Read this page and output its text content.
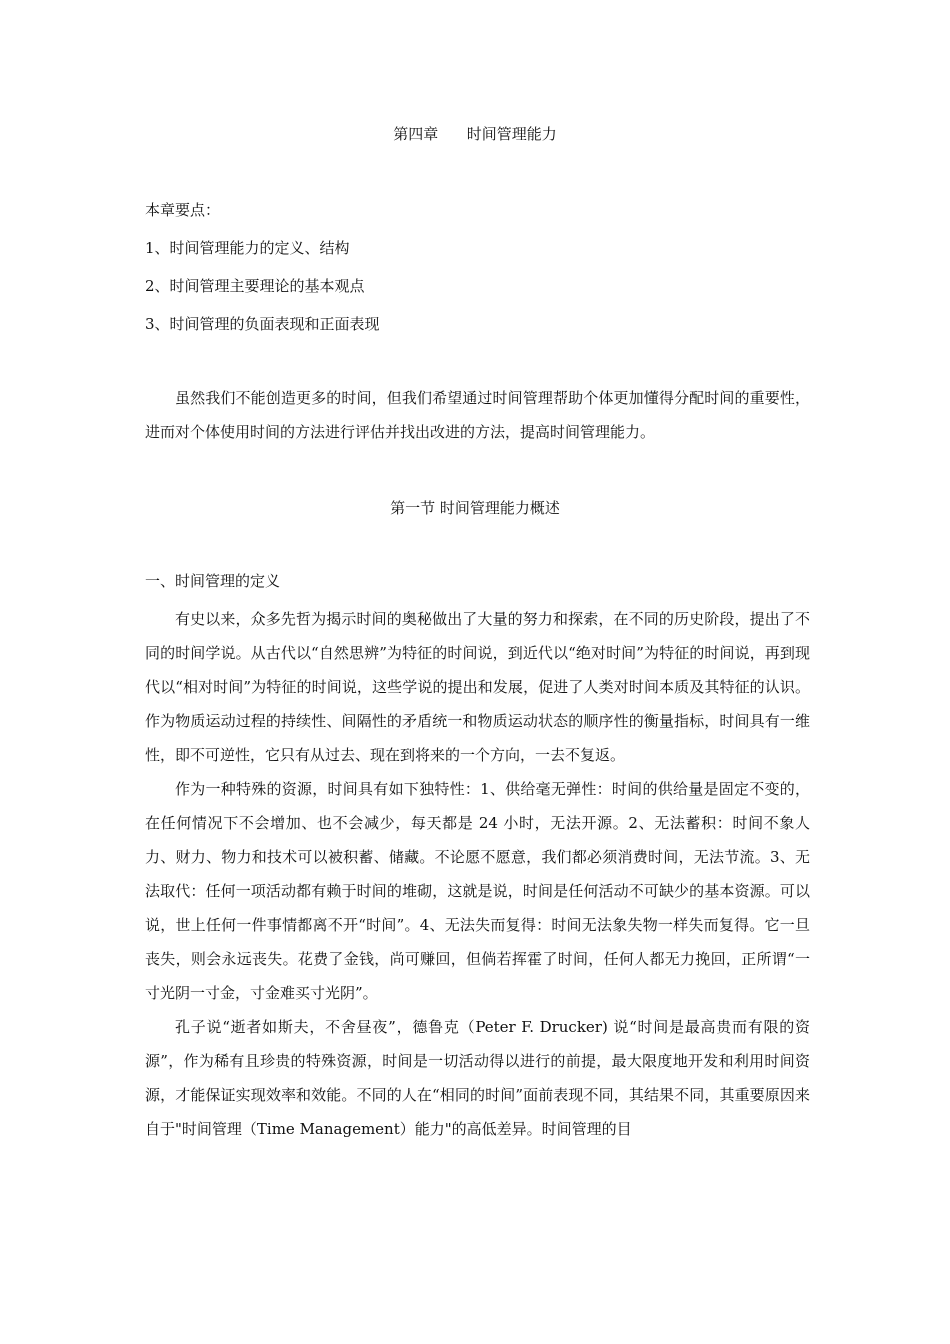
第四章      时间管理能力
本章要点：
1、时间管理能力的定义、结构
2、时间管理主要理论的基本观点
3、时间管理的负面表现和正面表现

虽然我们不能创造更多的时间，但我们希望通过时间管理帮助个体更加懂得分配时间的重要性，进而对个体使用时间的方法进行评估并找出改进的方法，提高时间管理能力。

第一节 时间管理能力概述
一、时间管理的定义

有史以来，众多先哲为揭示时间的奥秘做出了大量的努力和探索，在不同的历史阶段，提出了不同的时间学说。从古代以“自然思辨”为特征的时间说，到近代以“绝对时间”为特征的时间说，再到现代以“相对时间”为特征的时间说，这些学说的提出和发展，促进了人类对时间本质及其特征的认识。作为物质运动过程的持续性、间隔性的矛盾统一和物质运动状态的顺序性的衡量指标，时间具有一维性，即不可逆性，它只有从过去、现在到将来的一个方向，一去不复返。

作为一种特殊的资源，时间具有如下独特性：1、供给毫无弹性：时间的供给量是固定不变的，在任何情况下不会增加、也不会减少，每天都是 24 小时，无法开源。2、无法蓄积：时间不象人力、财力、物力和技术可以被积蓄、储藏。不论愿不愿意，我们都必须消费时间，无法节流。3、无法取代：任何一项活动都有赖于时间的堆砌，这就是说，时间是任何活动不可缺少的基本资源。可以说，世上任何一件事情都离不开“时间”。4、无法失而复得：时间无法象失物一样失而复得。它一旦丧失，则会永远丧失。花费了金钱，尚可赚回，但倘若挥霍了时间，任何人都无力挽回，正所谓“一寸光阴一寸金，寸金难买寸光阴”。

孔子说“逝者如斯夫，不舍昼夜”，德鲁克（Peter F. Drucker) 说“时间是最高贵而有限的资源”，作为稀有且珍贵的特殊资源，时间是一切活动得以进行的前提，最大限度地开发和利用时间资源，才能保证实现效率和效能。不同的人在“相同的时间”面前表现不同，其结果不同，其重要原因来自于"时间管理（Time Management）能力"的高低差异。时间管理的目
